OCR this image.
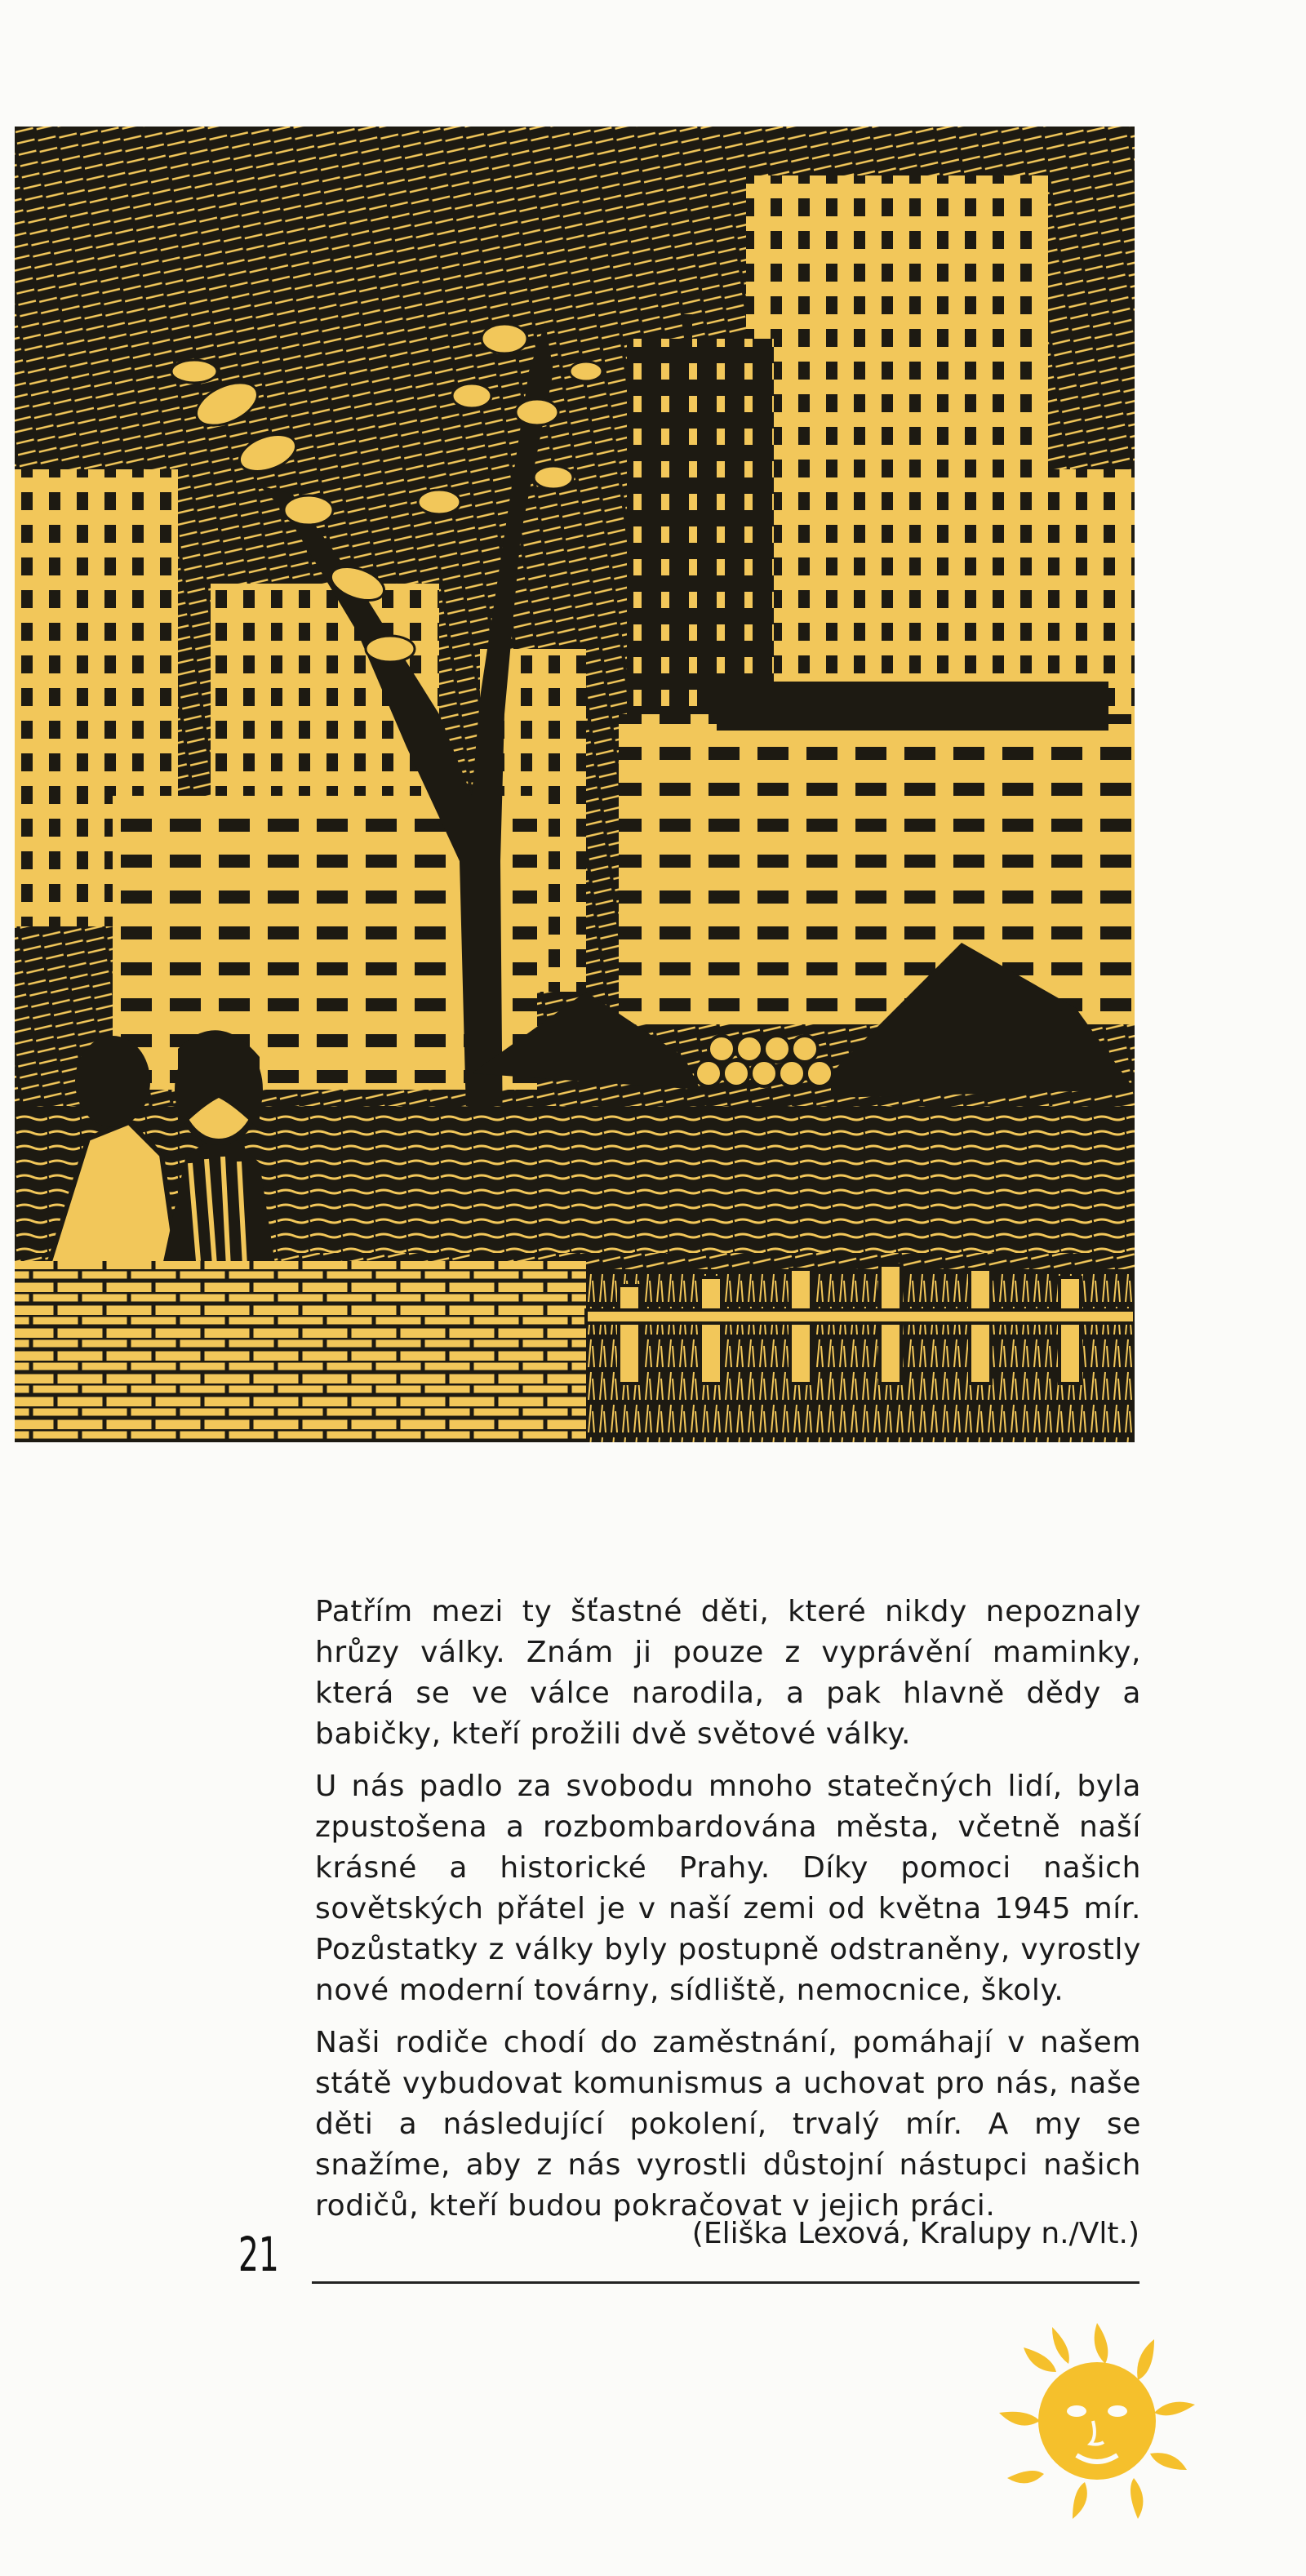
Patřím mezi ty šťastné děti, které nikdy nepoznaly hrůzy války. Znám ji pouze z vyprávění maminky, která se ve válce narodila, a pak hlavně dědy a babičky, kteří prožili dvě světové války.

U nás padlo za svobodu mnoho statečných lidí, byla zpustošena a rozbombardována města, včetně naší krásné a historické Prahy. Díky pomoci našich sovětských přátel je v naší zemi od května 1945 mír. Pozůstatky z války byly postupně odstraněny, vyrostly nové moderní továrny, sídliště, nemocnice, školy.

Naši rodiče chodí do zaměstnání, pomáhají v našem státě vybudovat komunismus a uchovat pro nás, naše děti a následující pokolení, trvalý mír. A my se snažíme, aby z nás vyrostli důstojní nástupci našich rodičů, kteří budou pokračovat v jejich práci.

(Eliška Lexová, Kralupy n./Vlt.)
21
